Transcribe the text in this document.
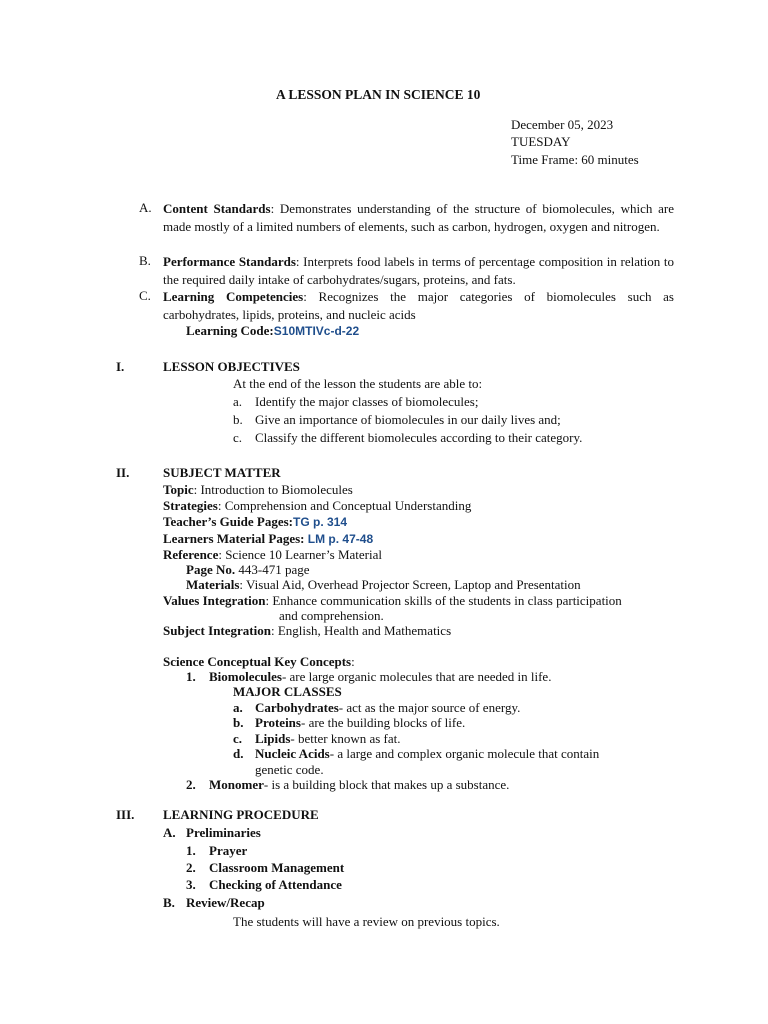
A LESSON PLAN IN SCIENCE 10
December 05, 2023
TUESDAY
Time Frame: 60 minutes
A. Content Standards: Demonstrates understanding of the structure of biomolecules, which are made mostly of a limited numbers of elements, such as carbon, hydrogen, oxygen and nitrogen.
B. Performance Standards: Interprets food labels in terms of percentage composition in relation to the required daily intake of carbohydrates/sugars, proteins, and fats.
C. Learning Competencies: Recognizes the major categories of biomolecules such as carbohydrates, lipids, proteins, and nucleic acids
Learning Code:S10MTIVc-d-22
I.	LESSON OBJECTIVES
At the end of the lesson the students are able to:
a. Identify the major classes of biomolecules;
b. Give an importance of biomolecules in our daily lives and;
c. Classify the different biomolecules according to their category.
II.	SUBJECT MATTER
Topic: Introduction to Biomolecules
Strategies: Comprehension and Conceptual Understanding
Teacher’s Guide Pages:TG p. 314
Learners Material Pages: LM p. 47-48
Reference: Science 10 Learner’s Material
Page No. 443-471 page
Materials: Visual Aid, Overhead Projector Screen, Laptop and Presentation
Values Integration: Enhance communication skills of the students in class participation
and comprehension.
Subject Integration: English, Health and Mathematics
Science Conceptual Key Concepts:
1. Biomolecules- are large organic molecules that are needed in life.
MAJOR CLASSES
a. Carbohydrates- act as the major source of energy.
b. Proteins- are the building blocks of life.
c. Lipids- better known as fat.
d. Nucleic Acids- a large and complex organic molecule that contain
genetic code.
2. Monomer- is a building block that makes up a substance.
III. LEARNING PROCEDURE
A. Preliminaries
1. Prayer
2. Classroom Management
3. Checking of Attendance
B. Review/Recap
The students will have a review on previous topics.
